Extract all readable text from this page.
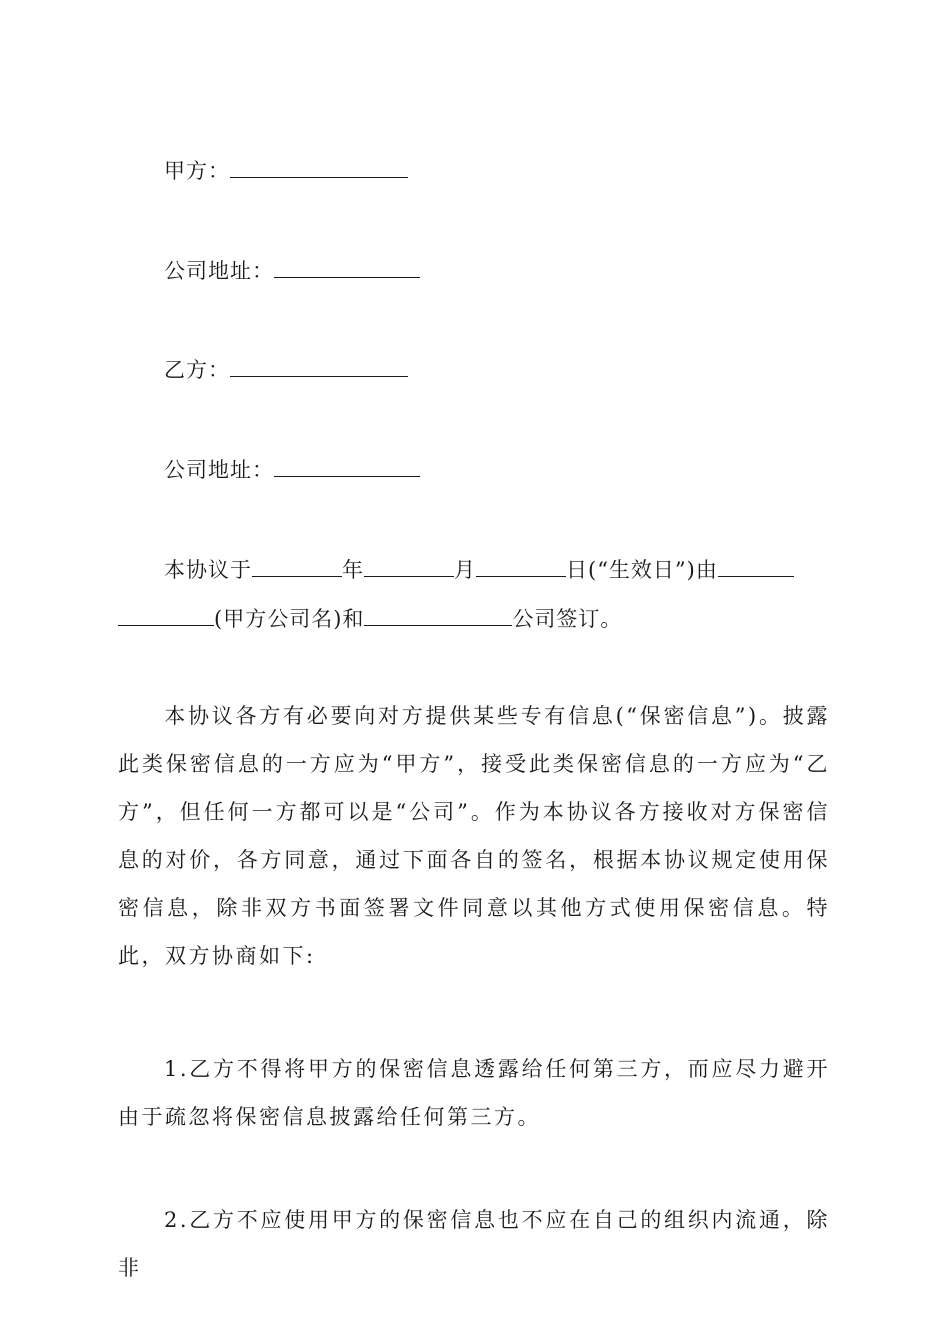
甲方：
公司地址：
乙方：
公司地址：
本协议于	年	月	日(“生效日”)由
(甲方公司名)和	公司签订。
本协议各方有必要向对方提供某些专有信息(“保密信息”)。披露此类保密信息的一方应为“甲方”，接受此类保密信息的一方应为“乙方”，但任何一方都可以是“公司”。作为本协议各方接收对方保密信息的对价，各方同意，通过下面各自的签名，根据本协议规定使用保密信息，除非双方书面签署文件同意以其他方式使用保密信息。特此，双方协商如下:
1.乙方不得将甲方的保密信息透露给任何第三方，而应尽力避开由于疏忽将保密信息披露给任何第三方。
2.乙方不应使用甲方的保密信息也不应在自己的组织内流通，除非
